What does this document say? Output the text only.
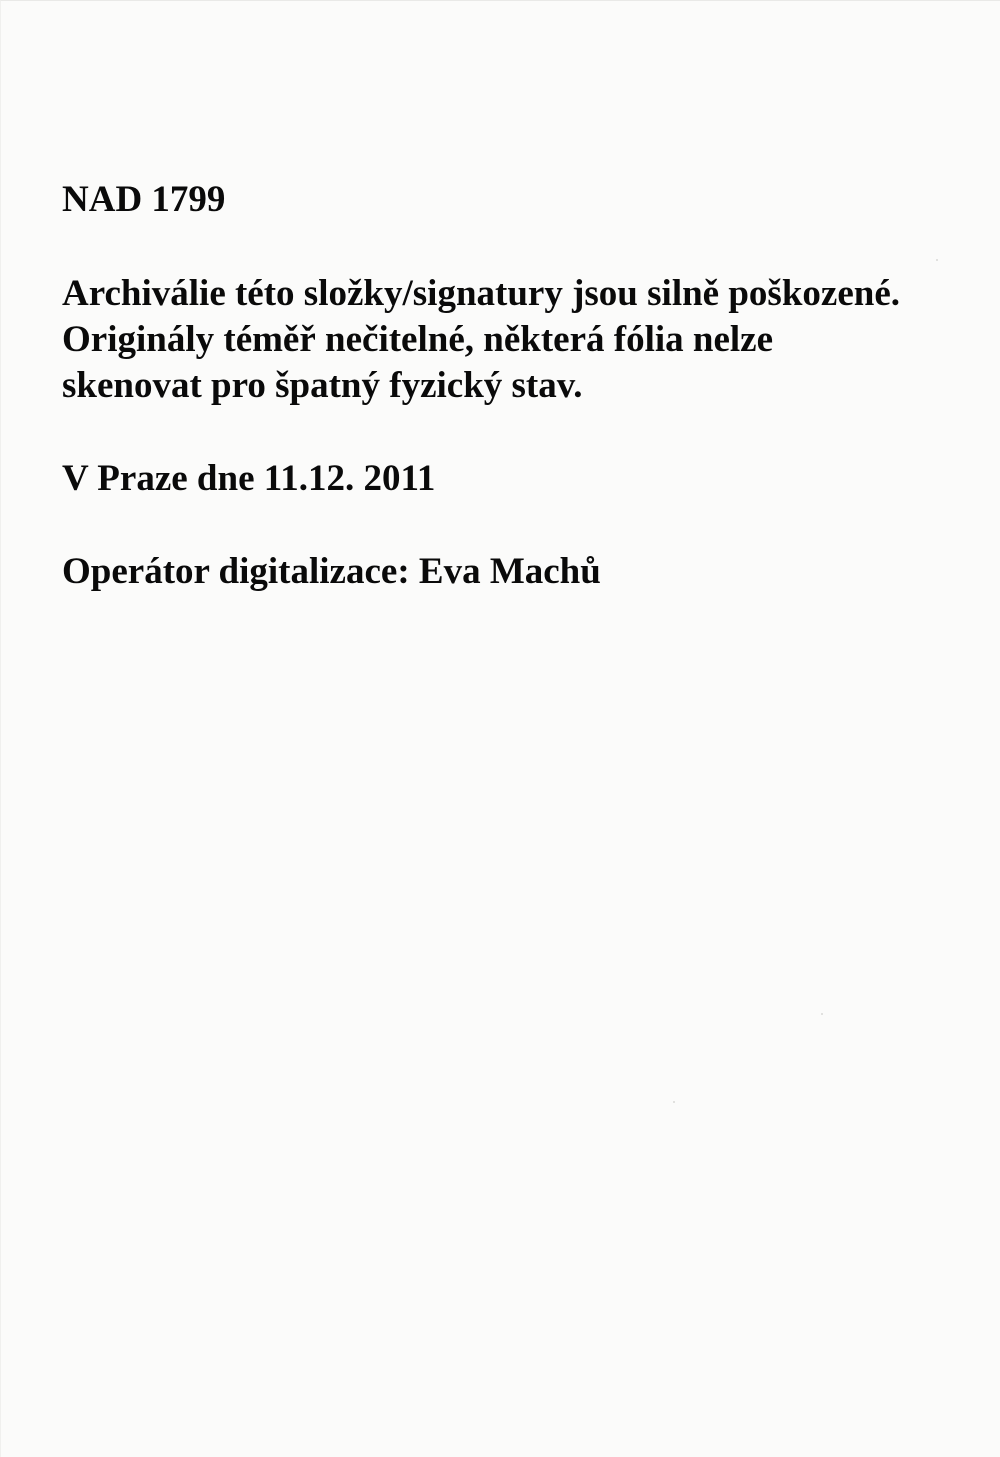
NAD 1799

Archiválie této složky/signatury jsou silně poškozené.

Originály téměř nečitelné, některá fólia nelze

skenovat pro špatný fyzický stav.

V Praze dne 11.12. 2011

Operátor digitalizace: Eva Machů
